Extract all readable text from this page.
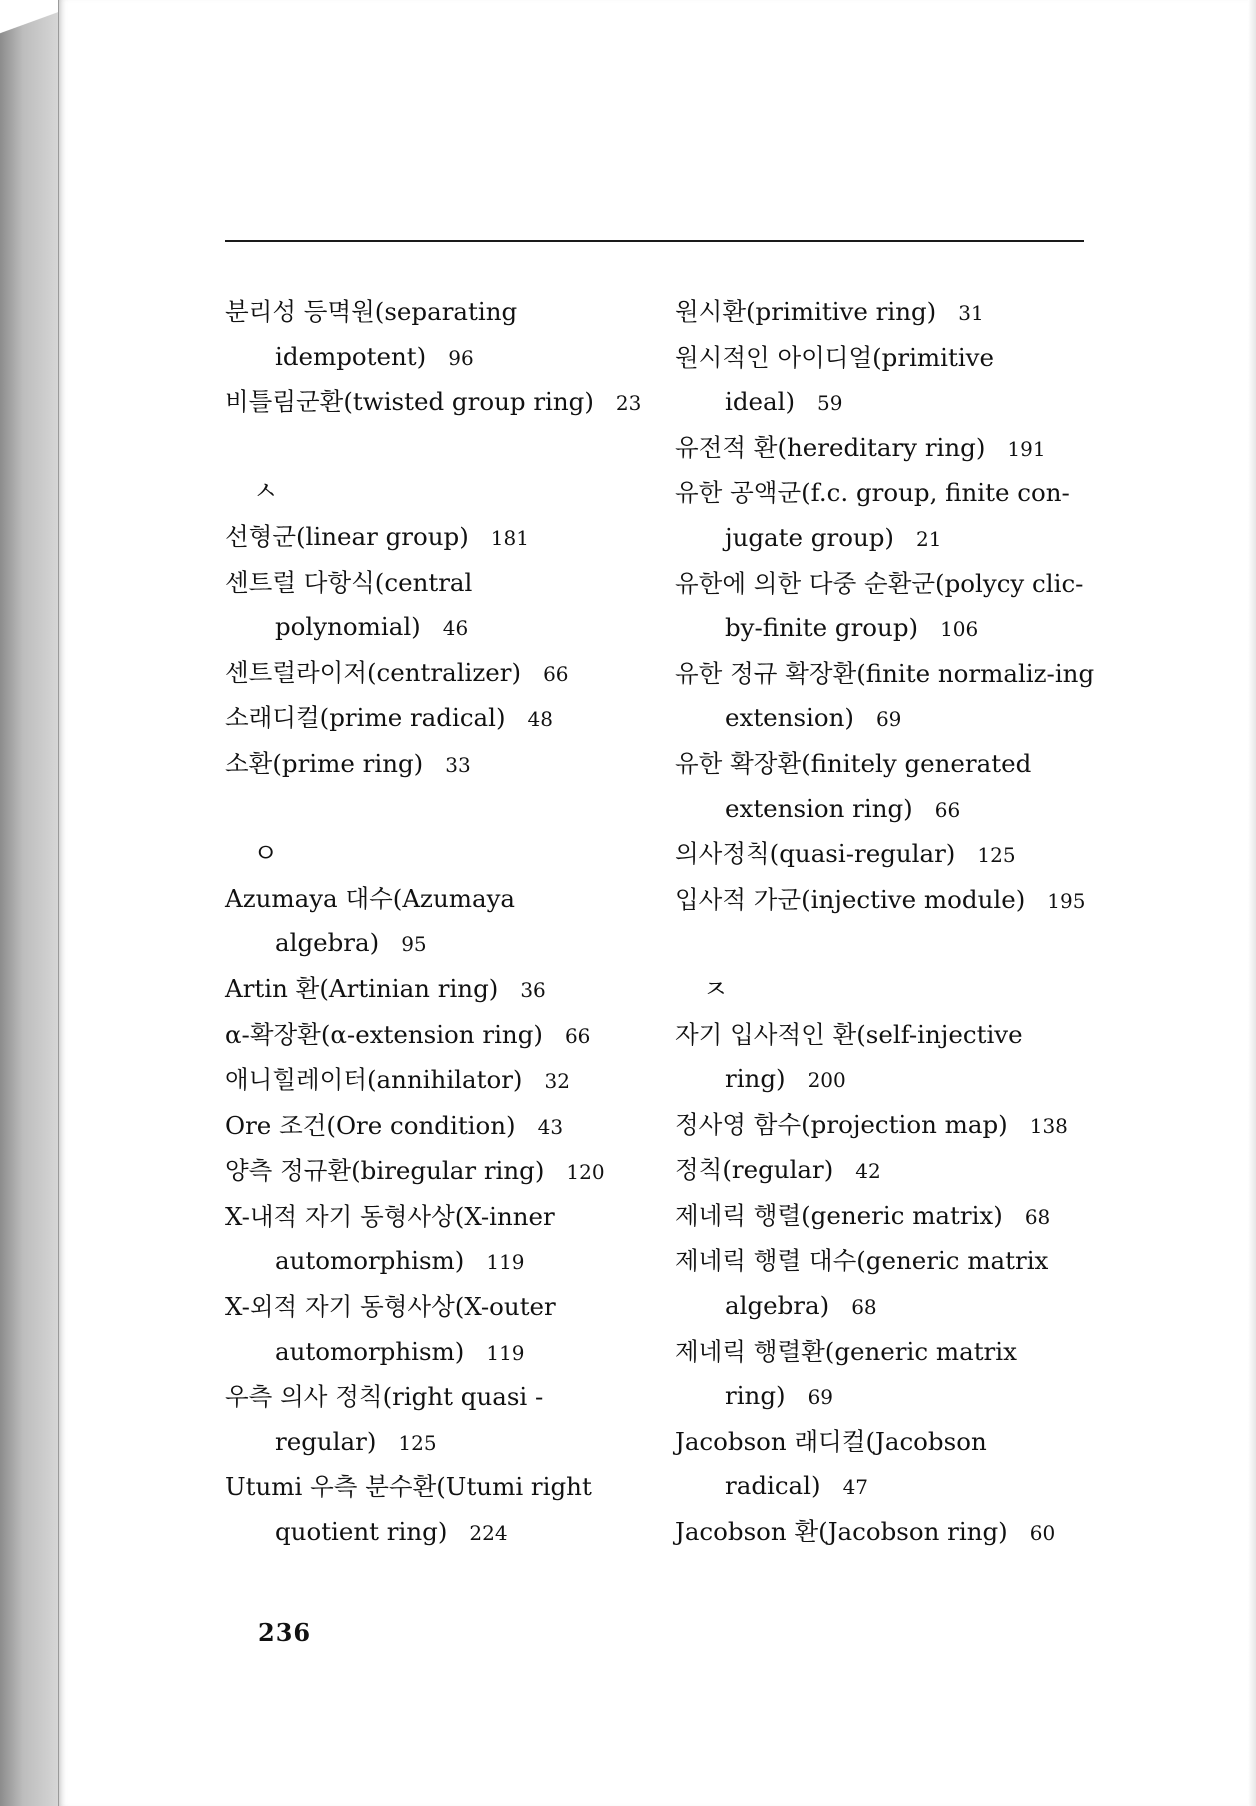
분리성 등멱원(separating idempotent) 96
비틀림군환(twisted group ring) 23
ㅅ
선형군(linear group) 181
센트럴 다항식(central polynomial) 46
센트럴라이저(centralizer) 66
소래디컬(prime radical) 48
소환(prime ring) 33
ㅇ
Azumaya 대수(Azumaya algebra) 95
Artin 환(Artinian ring) 36
α-확장환(α-extension ring) 66
애니힐레이터(annihilator) 32
Ore 조건(Ore condition) 43
양측 정규환(biregular ring) 120
X-내적 자기 동형사상(X-inner automorphism) 119
X-외적 자기 동형사상(X-outer automorphism) 119
우측 의사 정칙(right quasi -regular) 125
Utumi 우측 분수환(Utumi right quotient ring) 224
원시환(primitive ring) 31
원시적인 아이디얼(primitive ideal) 59
유전적 환(hereditary ring) 191
유한 공액군(f.c. group, finite con-jugate group) 21
유한에 의한 다중 순환군(polycy clic-by-finite group) 106
유한 정규 확장환(finite normaliz-ing extension) 69
유한 확장환(finitely generated extension ring) 66
의사정칙(quasi-regular) 125
입사적 가군(injective module) 195
ㅈ
자기 입사적인 환(self-injective ring) 200
정사영 함수(projection map) 138
정칙(regular) 42
제네릭 행렬(generic matrix) 68
제네릭 행렬 대수(generic matrix algebra) 68
제네릭 행렬환(generic matrix ring) 69
Jacobson 래디컬(Jacobson radical) 47
Jacobson 환(Jacobson ring) 60
236
